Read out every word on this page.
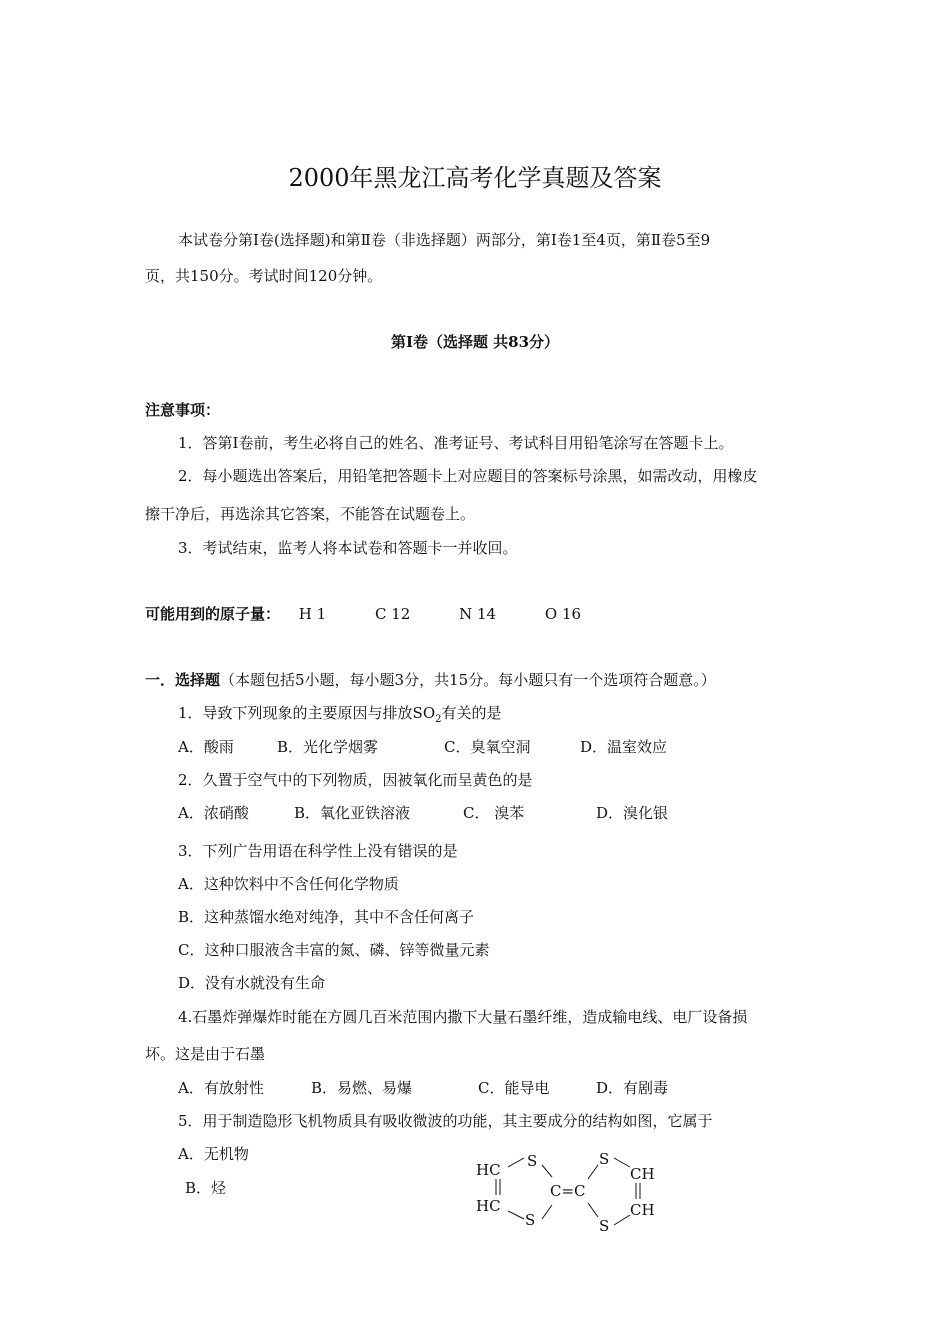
2000年黑龙江高考化学真题及答案
本试卷分第Ⅰ卷(选择题)和第Ⅱ卷（非选择题）两部分，第Ⅰ卷1至4页，第Ⅱ卷5至9
页，共150分。考试时间120分钟。
第Ⅰ卷（选择题 共83分）
注意事项：
1．答第Ⅰ卷前，考生必将自己的姓名、准考证号、考试科目用铅笔涂写在答题卡上。
2．每小题选出答案后，用铅笔把答题卡上对应题目的答案标号涂黑，如需改动，用橡皮
擦干净后，再选涂其它答案，不能答在试题卷上。
3．考试结束，监考人将本试卷和答题卡一并收回。
可能用到的原子量： H 1	C 12	N 14	O 16
一．选择题（本题包括5小题，每小题3分，共15分。每小题只有一个选项符合题意。）
1．导致下列现象的主要原因与排放$SO_2$有关的是
A．酸雨	B．光化学烟雾	C．臭氧空洞	D．温室效应
2．久置于空气中的下列物质，因被氧化而呈黄色的是
A．浓硝酸	B．氧化亚铁溶液	C． 溴苯	D．溴化银
3．下列广告用语在科学性上没有错误的是
A．这种饮料中不含任何化学物质
B．这种蒸馏水绝对纯净，其中不含任何离子
C．这种口服液含丰富的氮、磷、锌等微量元素
D．没有水就没有生命
4.石墨炸弹爆炸时能在方圆几百米范围内撒下大量石墨纤维，造成输电线、电厂设备损
坏。这是由于石墨
A．有放射性	B．易燃、易爆	C．能导电	D．有剧毒
5．用于制造隐形飞机物质具有吸收微波的功能，其主要成分的结构如图，它属于
A．无机物
B．烃
HC
HC
S
S
C=C
S
S
CH
CH
